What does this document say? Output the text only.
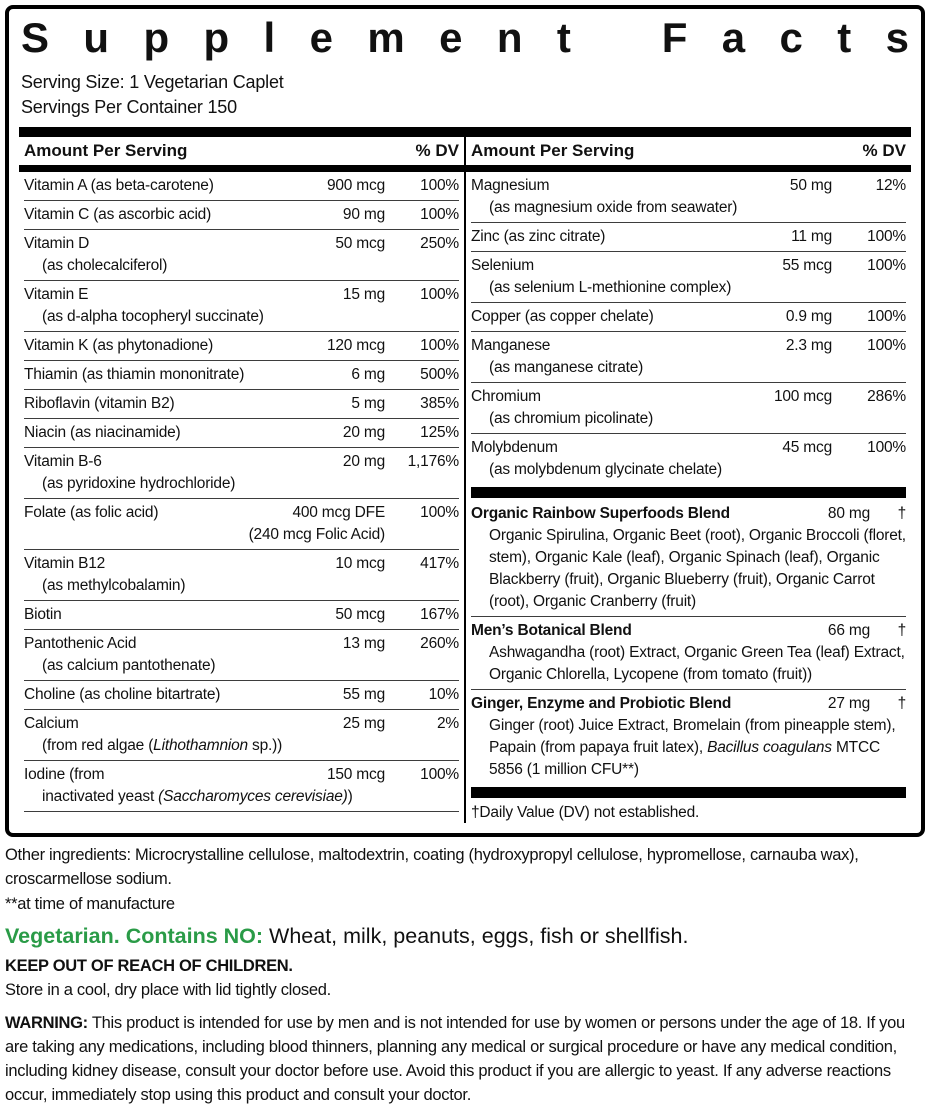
S u p p l e m e n t
F a c t s
Serving Size: 1 Vegetarian Caplet
Servings Per Container 150
Amount Per Serving	% DV Amount Per Serving	% DV
Vitamin A (as beta-carotene)	900 mcg	100%
Vitamin C (as ascorbic acid)	90 mg	100%
Vitamin D	50 mcg	250%
(as cholecalciferol)
Vitamin E	15 mg	100%
(as d-alpha tocopheryl succinate)
Vitamin K (as phytonadione)	120 mcg	100%
Thiamin (as thiamin mononitrate)	6 mg	500%
Riboflavin (vitamin B2)	5 mg	385%
Niacin (as niacinamide)	20 mg	125%
Vitamin B-6	20 mg	1,176%
(as pyridoxine hydrochloride)
Folate (as folic acid)	400 mcg DFE	100%
(240 mcg Folic Acid)
Vitamin B12	10 mcg	417%
(as methylcobalamin)
Biotin	50 mcg	167%
Pantothenic Acid	13 mg	260%
(as calcium pantothenate)
Choline (as choline bitartrate)	55 mg	10%
Calcium	25 mg	2%
(from red algae (Lithothamnion sp.))
Iodine (from	150 mcg	100%
inactivated yeast (Saccharomyces cerevisiae))
Magnesium	50 mg	12%
(as magnesium oxide from seawater)
Zinc (as zinc citrate)	11 mg	100%
Selenium	55 mcg	100%
(as selenium L-methionine complex)
Copper (as copper chelate)	0.9 mg	100%
Manganese	2.3 mg	100%
(as manganese citrate)
Chromium	100 mcg	286%
(as chromium picolinate)
Molybdenum	45 mcg	100%
(as molybdenum glycinate chelate)
Organic Rainbow Superfoods Blend	80 mg	†
Organic Spirulina, Organic Beet (root), Organic Broccoli (floret, stem), Organic Kale (leaf), Organic Spinach (leaf), Organic Blackberry (fruit), Organic Blueberry (fruit), Organic Carrot (root), Organic Cranberry (fruit)
Men’s Botanical Blend	66 mg	†
Ashwagandha (root) Extract, Organic Green Tea (leaf) Extract, Organic Chlorella, Lycopene (from tomato (fruit))
Ginger, Enzyme and Probiotic Blend	27 mg	†
Ginger (root) Juice Extract, Bromelain (from pineapple stem), Papain (from papaya fruit latex), Bacillus coagulans MTCC 5856 (1 million CFU**)
†Daily Value (DV) not established.

Other ingredients: Microcrystalline cellulose, maltodextrin, coating (hydroxypropyl cellulose, hypromellose, carnauba wax), croscarmellose sodium.

**at time of manufacture

Vegetarian. Contains NO: Wheat, milk, peanuts, eggs, fish or shellfish.

KEEP OUT OF REACH OF CHILDREN.

Store in a cool, dry place with lid tightly closed.

WARNING: This product is intended for use by men and is not intended for use by women or persons under the age of 18. If you are taking any medications, including blood thinners, planning any medical or surgical procedure or have any medical condition, including kidney disease, consult your doctor before use. Avoid this product if you are allergic to yeast. If any adverse reactions occur, immediately stop using this product and consult your doctor.
